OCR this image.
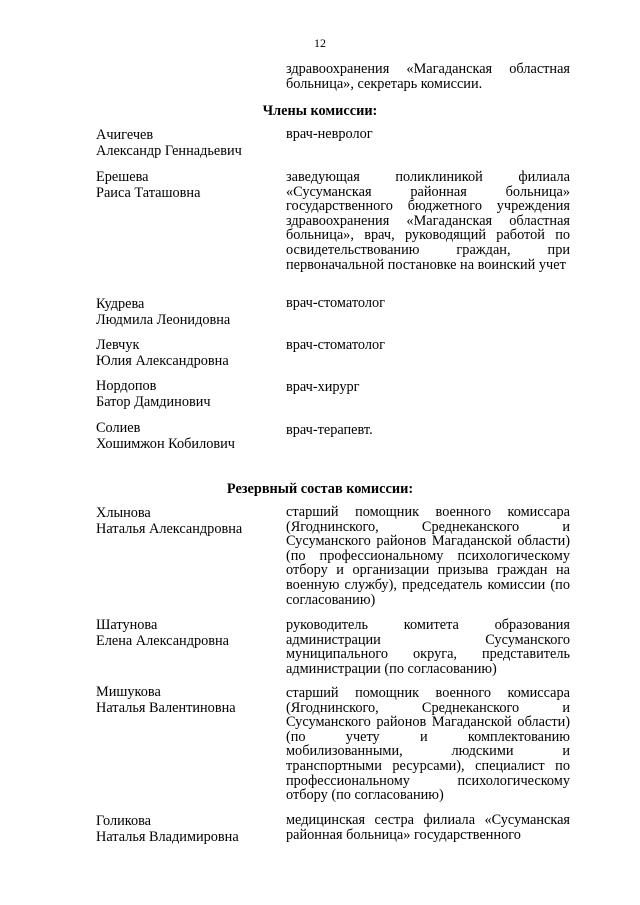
12
здравоохранения «Магаданская областная больница», секретарь комиссии.
Члены комиссии:
Ачигечев
Александр Геннадьевич
врач-невролог
Ерешева
Раиса Таташовна
заведующая поликлиникой филиала «Сусуманская районная больница» государственного бюджетного учреждения здравоохранения «Магаданская областная больница», врач, руководящий работой по освидетельствованию граждан, при первоначальной постановке на воинский учет
Кудрева
Людмила Леонидовна
врач-стоматолог
Левчук
Юлия Александровна
врач-стоматолог
Нордопов
Батор Дамдинович
врач-хирург
Солиев
Хошимжон Кобилович
врач-терапевт.
Резервный состав комиссии:
Хлынова
Наталья Александровна
старший помощник военного комиссара (Ягоднинского, Среднеканского и Сусуманского районов Магаданской области) (по профессиональному психологическому отбору и организации призыва граждан на военную службу), председатель комиссии (по согласованию)
Шатунова
Елена Александровна
руководитель комитета образования администрации Сусуманского муниципального округа, представитель администрации (по согласованию)
Мишукова
Наталья Валентиновна
старший помощник военного комиссара (Ягоднинского, Среднеканского и Сусуманского районов Магаданской области) (по учету и комплектованию мобилизованными, людскими и транспортными ресурсами), специалист по профессиональному психологическому отбору (по согласованию)
Голикова
Наталья Владимировна
медицинская сестра филиала «Сусуманская районная больница» государственного
